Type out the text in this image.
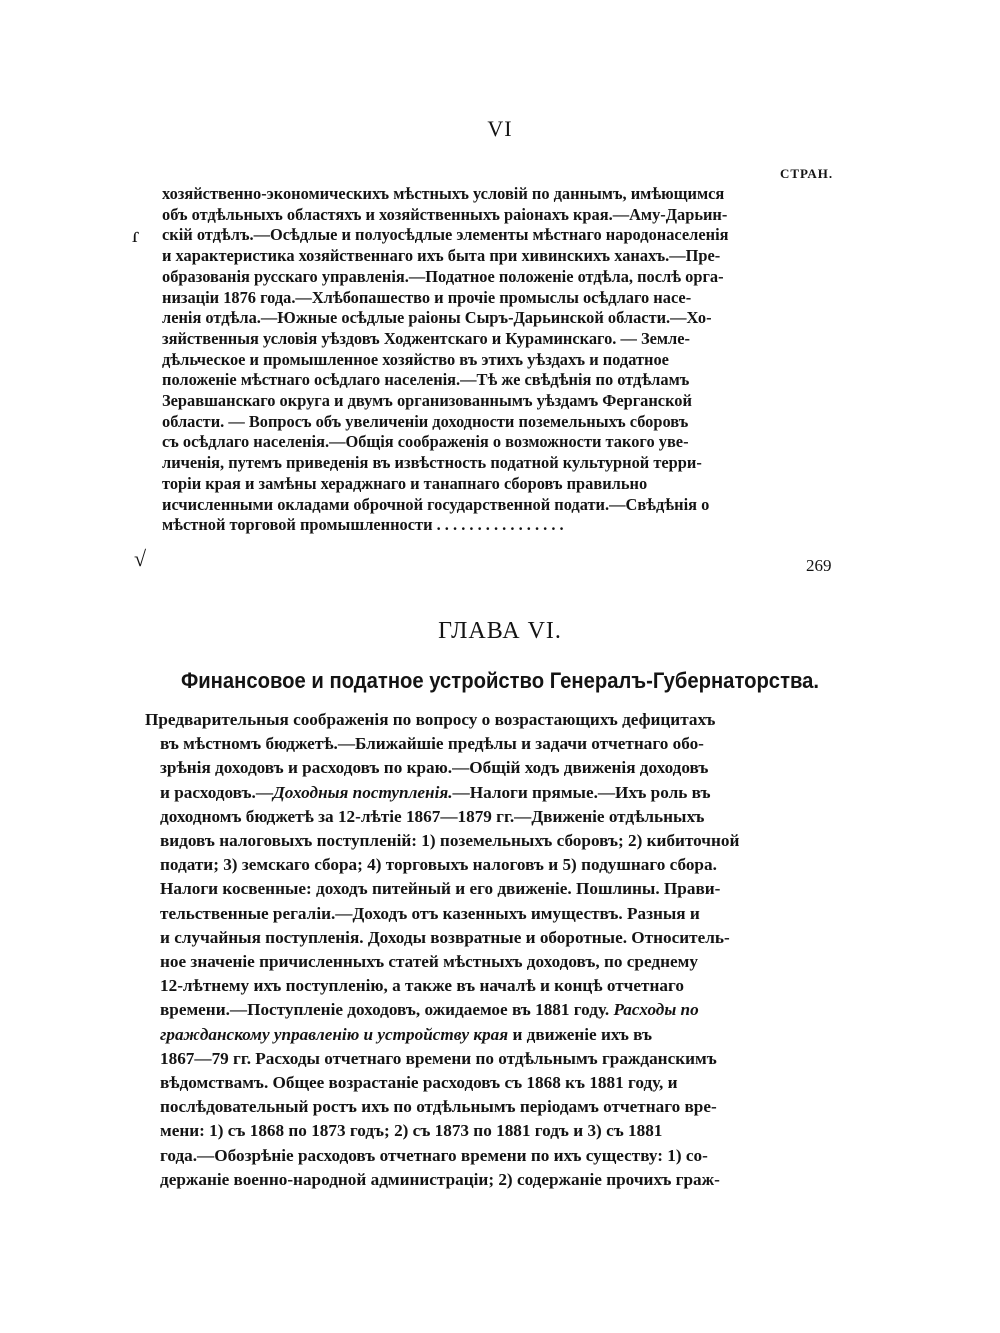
VI
СТРАН.
ɾ
√
хозяйственно-экономическихъ мѣстныхъ условій по даннымъ, имѣющимся
объ отдѣльныхъ областяхъ и хозяйственныхъ раіонахъ края.—Аму-Дарьин-
скій отдѣлъ.—Осѣдлые и полуосѣдлые элементы мѣстнаго народонаселенія
и характеристика хозяйственнаго ихъ быта при хивинскихъ ханахъ.—Пре-
образованія русскаго управленія.—Податное положеніе отдѣла, послѣ орга-
низаціи 1876 года.—Хлѣбопашество и прочіе промыслы осѣдлаго насе-
ленія отдѣла.—Южные осѣдлые раіоны Сыръ-Дарьинской области.—Хо-
зяйственныя условія уѣздовъ Ходжентскаго и Кураминскаго. — Земле-
дѣльческое и промышленное хозяйство въ этихъ уѣздахъ и податное
положеніе мѣстнаго осѣдлаго населенія.—Тѣ же свѣдѣнія по отдѣламъ
Зеравшанскаго округа и двумъ организованнымъ уѣздамъ Ферганской
области. — Вопросъ объ увеличеніи доходности поземельныхъ сборовъ
съ осѣдлаго населенія.—Общія соображенія о возможности такого уве-
личенія, путемъ приведенія въ извѣстность податной культурной терри-
торіи края и замѣны хераджнаго и танапнаго сборовъ правильно
исчисленными окладами оброчной государственной подати.—Свѣдѣнія о
мѣстной торговой промышленности . . . . . . . . . . . . . . . .
269
ГЛАВА VI.
Финансовое и податное устройство Генералъ-Губернаторства.
Предварительныя соображенія по вопросу о возрастающихъ дефицитахъ
въ мѣстномъ бюджетѣ.—Ближайшіе предѣлы и задачи отчетнаго обо-
зрѣнія доходовъ и расходовъ по краю.—Общій ходъ движенія доходовъ
и расходовъ.—Доходныя поступленія.—Налоги прямые.—Ихъ роль въ
доходномъ бюджетѣ за 12-лѣтіе 1867—1879 гг.—Движеніе отдѣльныхъ
видовъ налоговыхъ поступленій: 1) поземельныхъ сборовъ; 2) кибиточной
подати; 3) земскаго сбора; 4) торговыхъ налоговъ и 5) подушнаго сбора.
Налоги косвенные: доходъ питейный и его движеніе. Пошлины. Прави-
тельственные регаліи.—Доходъ отъ казенныхъ имуществъ. Разныя и
и случайныя поступленія. Доходы возвратные и оборотные. Относитель-
ное значеніе причисленныхъ статей мѣстныхъ доходовъ, по среднему
12-лѣтнему ихъ поступленію, а также въ началѣ и концѣ отчетнаго
времени.—Поступленіе доходовъ, ожидаемое въ 1881 году. Расходы по
гражданскому управленію и устройству края и движеніе ихъ въ
1867—79 гг. Расходы отчетнаго времени по отдѣльнымъ гражданскимъ
вѣдомствамъ. Общее возрастаніе расходовъ съ 1868 къ 1881 году, и
послѣдовательный ростъ ихъ по отдѣльнымъ періодамъ отчетнаго вре-
мени: 1) съ 1868 по 1873 годъ; 2) съ 1873 по 1881 годъ и 3) съ 1881
года.—Обозрѣніе расходовъ отчетнаго времени по ихъ существу: 1) со-
держаніе военно-народной администраціи; 2) содержаніе прочихъ граж-
